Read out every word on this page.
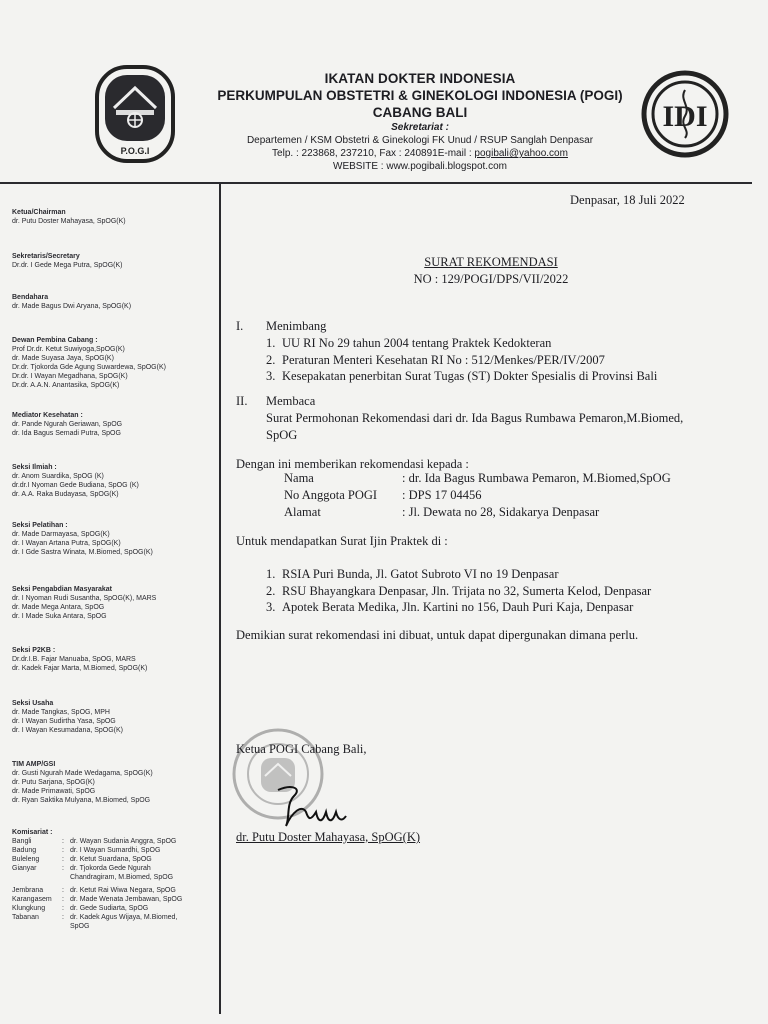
P.O.G.I
IDI
IKATAN DOKTER INDONESIA
PERKUMPULAN OBSTETRI & GINEKOLOGI INDONESIA (POGI)
CABANG BALI
Sekretariat :
Departemen / KSM Obstetri & Ginekologi FK Unud / RSUP Sanglah Denpasar
Telp. : 223868, 237210, Fax : 240891E-mail : pogibali@yahoo.com
WEBSITE : www.pogibali.blogspot.com
Ketua/Chairman
dr. Putu Doster Mahayasa, SpOG(K)
Sekretaris/Secretary
Dr.dr. I Gede Mega Putra, SpOG(K)
Bendahara
dr. Made Bagus Dwi Aryana, SpOG(K)
Dewan Pembina Cabang :
Prof Dr.dr. Ketut Suwiyoga,SpOG(K)
dr. Made Suyasa Jaya, SpOG(K)
Dr.dr. Tjokorda Gde Agung Suwardewa, SpOG(K)
Dr.dr. I Wayan Megadhana, SpOG(K)
Dr.dr. A.A.N. Anantasika, SpOG(K)
Mediator Kesehatan :
dr. Pande Ngurah Geriawan, SpOG
dr. Ida Bagus Semadi Putra, SpOG
Seksi Ilmiah :
dr. Anom Suardika, SpOG (K)
dr.dr.I Nyoman Gede Budiana, SpOG (K)
dr. A.A. Raka Budayasa, SpOG(K)
Seksi Pelatihan :
dr. Made Darmayasa, SpOG(K)
dr. I Wayan Artana Putra, SpOG(K)
dr. I Gde Sastra Winata, M.Biomed, SpOG(K)
Seksi Pengabdian Masyarakat
dr. I Nyoman Rudi Susantha, SpOG(K), MARS
dr. Made Mega Antara, SpOG
dr. I Made Suka Antara, SpOG
Seksi P2KB :
Dr.dr.I.B. Fajar Manuaba, SpOG, MARS
dr. Kadek Fajar Marta, M.Biomed, SpOG(K)
Seksi Usaha
dr. Made Tangkas, SpOG, MPH
dr. I Wayan Sudirtha Yasa, SpOG
dr. I Wayan Kesumadana, SpOG(K)
TIM AMP/GSI
dr. Gusti Ngurah Made Wedagama, SpOG(K)
dr. Putu Sarjana, SpOG(K)
dr. Made Primawati, SpOG
dr. Ryan Saktika Mulyana, M.Biomed, SpOG
Komisariat :
Bangli	: dr. Wayan Sudania Anggra, SpOG
Badung	: dr. I Wayan Sumardhi, SpOG
Buleleng	: dr. Ketut Suardana, SpOG
Gianyar	: dr. Tjokorda Gede Ngurah
Chandragiram, M.Biomed, SpOG
Jembrana	: dr. Ketut Rai Wiwa Negara, SpOG
Karangasem	: dr. Made Wenata Jembawan, SpOG
Klungkung	: dr. Gede Sudiarta, SpOG
Tabanan	: dr. Kadek Agus Wijaya, M.Biomed,
SpOG
Denpasar, 18 Juli 2022
SURAT REKOMENDASI
NO : 129/POGI/DPS/VII/2022
I. Menimbang
1. UU RI No 29 tahun 2004 tentang Praktek Kedokteran
2. Peraturan Menteri Kesehatan RI No : 512/Menkes/PER/IV/2007
3. Kesepakatan penerbitan Surat Tugas (ST) Dokter Spesialis di Provinsi Bali
II. Membaca
Surat Permohonan Rekomendasi dari dr. Ida Bagus Rumbawa Pemaron,M.Biomed,
SpOG
Dengan ini memberikan rekomendasi kepada :
Nama	: dr. Ida Bagus Rumbawa Pemaron, M.Biomed,SpOG
No Anggota POGI	: DPS 17 04456
Alamat	: Jl. Dewata no 28, Sidakarya Denpasar
Untuk mendapatkan Surat Ijin Praktek di :
1. RSIA Puri Bunda, Jl. Gatot Subroto VI no 19 Denpasar
2. RSU Bhayangkara Denpasar, Jln. Trijata no 32, Sumerta Kelod, Denpasar
3. Apotek Berata Medika, Jln. Kartini no 156, Dauh Puri Kaja, Denpasar
Demikian surat rekomendasi ini dibuat, untuk dapat dipergunakan dimana perlu.
Ketua POGI Cabang Bali,
dr. Putu Doster Mahayasa, SpOG(K)
